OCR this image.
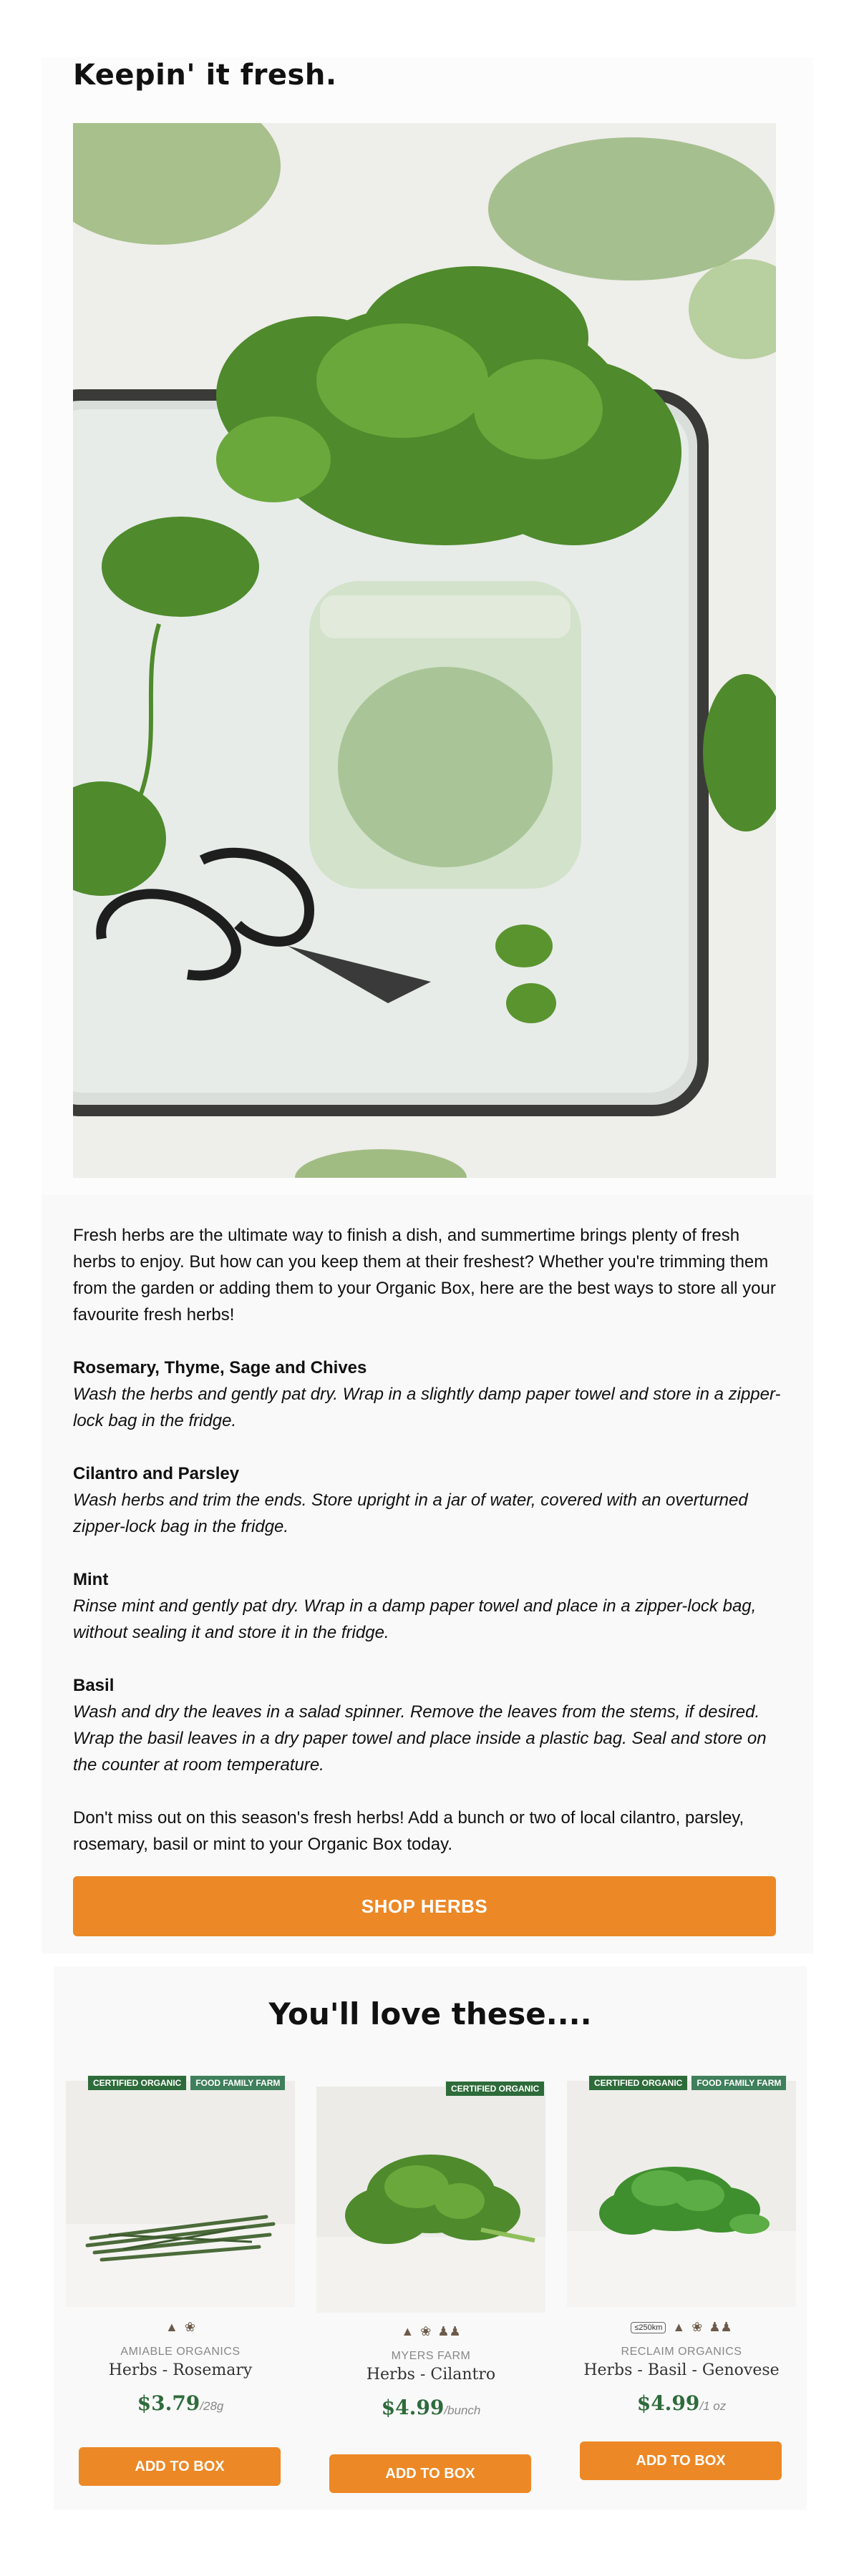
Keepin' it fresh.

Fresh herbs are the ultimate way to finish a dish, and summertime brings plenty of fresh herbs to enjoy. But how can you keep them at their freshest? Whether you're trimming them from the garden or adding them to your Organic Box, here are the best ways to store all your favourite fresh herbs!

Rosemary, Thyme, Sage and Chives
Wash the herbs and gently pat dry. Wrap in a slightly damp paper towel and store in a zipper-lock bag in the fridge.
Cilantro and Parsley
Wash herbs and trim the ends. Store upright in a jar of water, covered with an overturned zipper-lock bag in the fridge.
Mint
Rinse mint and gently pat dry. Wrap in a damp paper towel and place in a zipper-lock bag, without sealing it and store it in the fridge.
Basil
Wash and dry the leaves in a salad spinner. Remove the leaves from the stems, if desired. Wrap the basil leaves in a dry paper towel and place inside a plastic bag. Seal and store on the counter at room temperature.

Don't miss out on this season's fresh herbs! Add a bunch or two of local cilantro, parsley, rosemary, basil or mint to your Organic Box today.

SHOP HERBS
You'll love these....
CERTIFIED ORGANIC	FOOD FAMILY FARM
▲ ❀
AMIABLE ORGANICS
Herbs - Rosemary
$3.79/28g
ADD TO BOX
CERTIFIED ORGANIC
▲ ❀ ♟♟
MYERS FARM
Herbs - Cilantro
$4.99/bunch
ADD TO BOX
CERTIFIED ORGANIC	FOOD FAMILY FARM
≤250km ▲ ❀ ♟♟
RECLAIM ORGANICS
Herbs - Basil - Genovese
$4.99/1 oz
ADD TO BOX
